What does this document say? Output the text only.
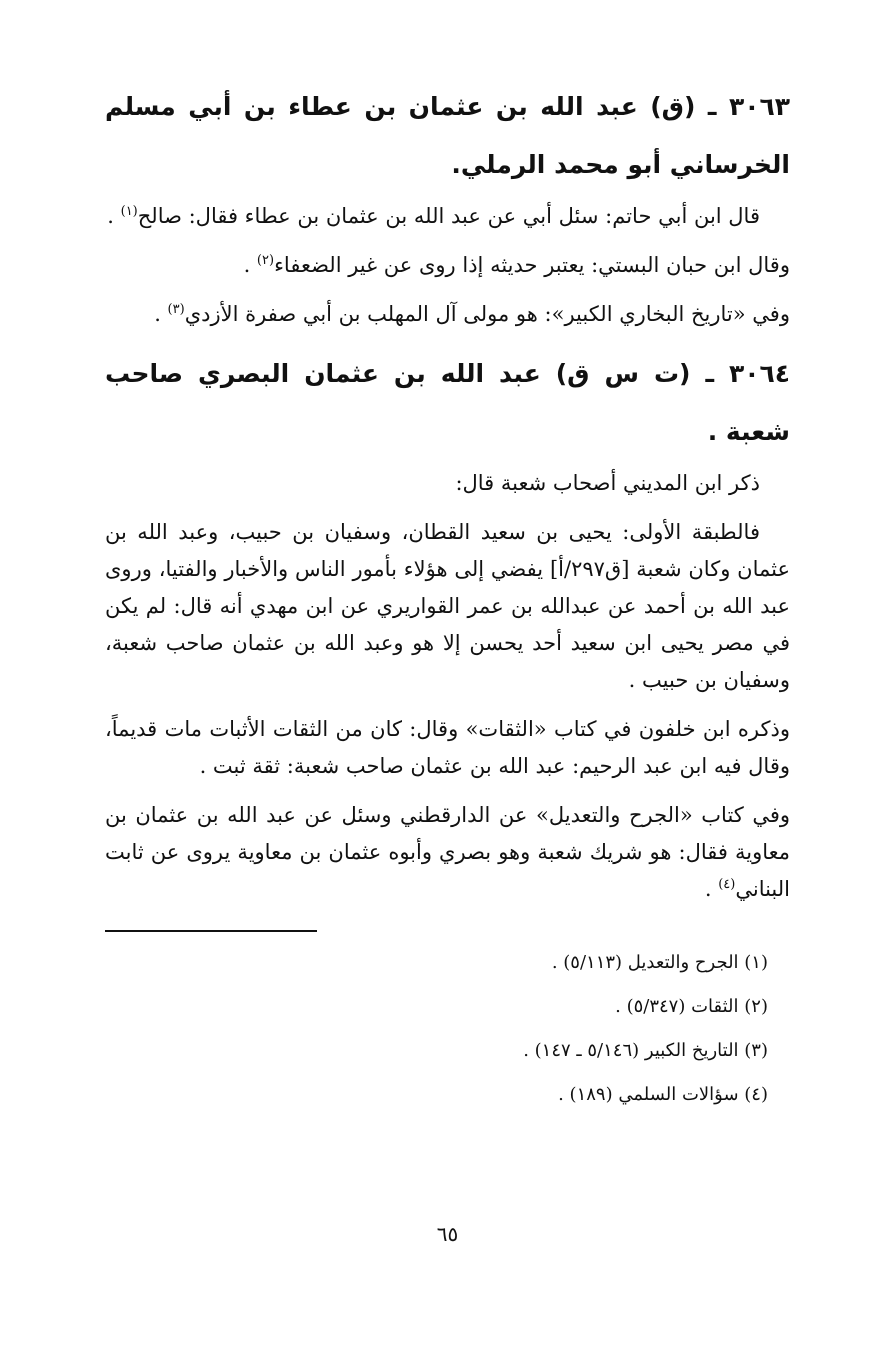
٣٠٦٣ ـ (ق) عبد الله بن عثمان بن عطاء بن أبي مسلم الخرساني أبو محمد الرملي.

قال ابن أبي حاتم: سئل أبي عن عبد الله بن عثمان بن عطاء فقال: صالح$^{(١)}$ .

وقال ابن حبان البستي: يعتبر حديثه إذا روى عن غير الضعفاء$^{(٢)}$ .

وفي «تاريخ البخاري الكبير»: هو مولى آل المهلب بن أبي صفرة الأزدي$^{(٣)}$ .

٣٠٦٤ ـ (ت س ق) عبد الله بن عثمان البصري صاحب شعبة .

ذكر ابن المديني أصحاب شعبة قال:

فالطبقة الأولى: يحيى بن سعيد القطان، وسفيان بن حبيب، وعبد الله بن عثمان وكان شعبة [ق٢٩٧/أ] يفضي إلى هؤلاء بأمور الناس والأخبار والفتيا، وروى عبد الله بن أحمد عن عبدالله بن عمر القواريري عن ابن مهدي أنه قال: لم يكن في مصر يحيى ابن سعيد أحد يحسن إلا هو وعبد الله بن عثمان صاحب شعبة، وسفيان بن حبيب .

وذكره ابن خلفون في كتاب «الثقات» وقال: كان من الثقات الأثبات مات قديماً، وقال فيه ابن عبد الرحيم: عبد الله بن عثمان صاحب شعبة: ثقة ثبت .

وفي كتاب «الجرح والتعديل» عن الدارقطني وسئل عن عبد الله بن عثمان بن معاوية فقال: هو شريك شعبة وهو بصري وأبوه عثمان بن معاوية يروى عن ثابت البناني$^{(٤)}$ .

(١) الجرح والتعديل (٥/١١٣) .
(٢) الثقات (٥/٣٤٧) .
(٣) التاريخ الكبير (٥/١٤٦ ـ ١٤٧) .
(٤) سؤالات السلمي (١٨٩) .
٦٥
